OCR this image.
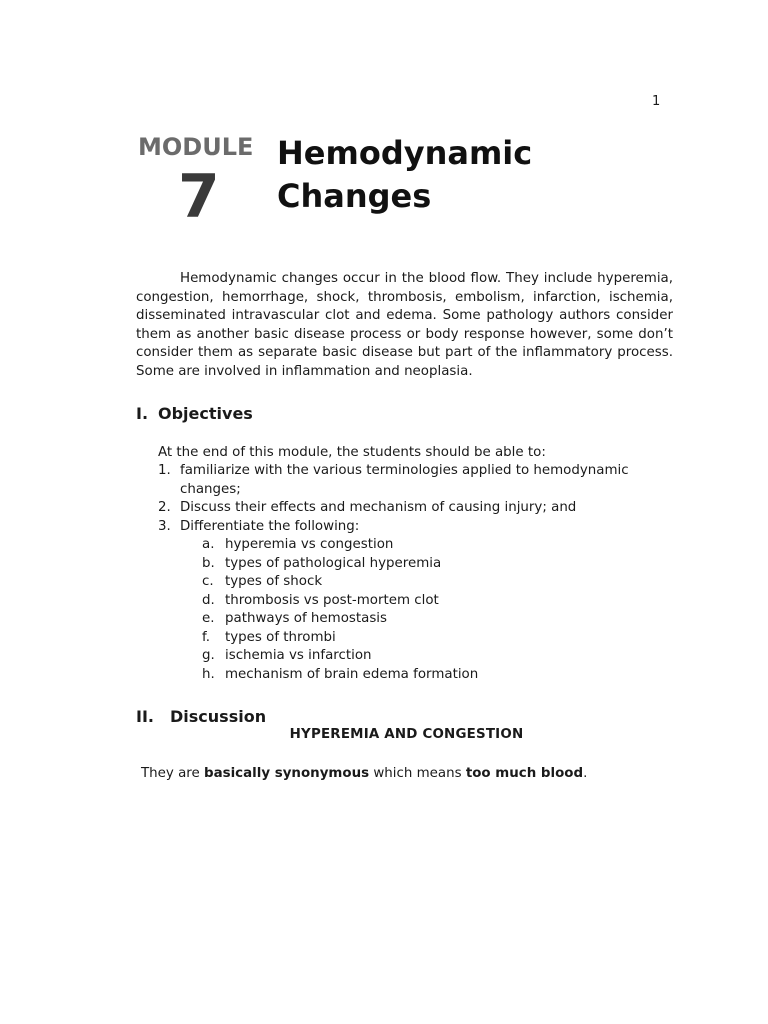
1
MODULE
7
Hemodynamic
Changes
Hemodynamic changes occur in the blood flow. They include hyperemia, congestion, hemorrhage, shock, thrombosis, embolism, infarction, ischemia, disseminated intravascular clot and edema. Some pathology authors consider them as another basic disease process or body response however, some don’t consider them as separate basic disease but part of the inflammatory process. Some are involved in inflammation and neoplasia.
I. Objectives
At the end of this module, the students should be able to:
1. familiarize with the various terminologies applied to hemodynamic changes;
2. Discuss their effects and mechanism of causing injury; and
3. Differentiate the following:
a. hyperemia vs congestion
b. types of pathological hyperemia
c. types of shock
d. thrombosis vs post-mortem clot
e. pathways of hemostasis
f. types of thrombi
g. ischemia vs infarction
h. mechanism of brain edema formation
II. Discussion
HYPEREMIA AND CONGESTION
They are basically synonymous which means too much blood.
